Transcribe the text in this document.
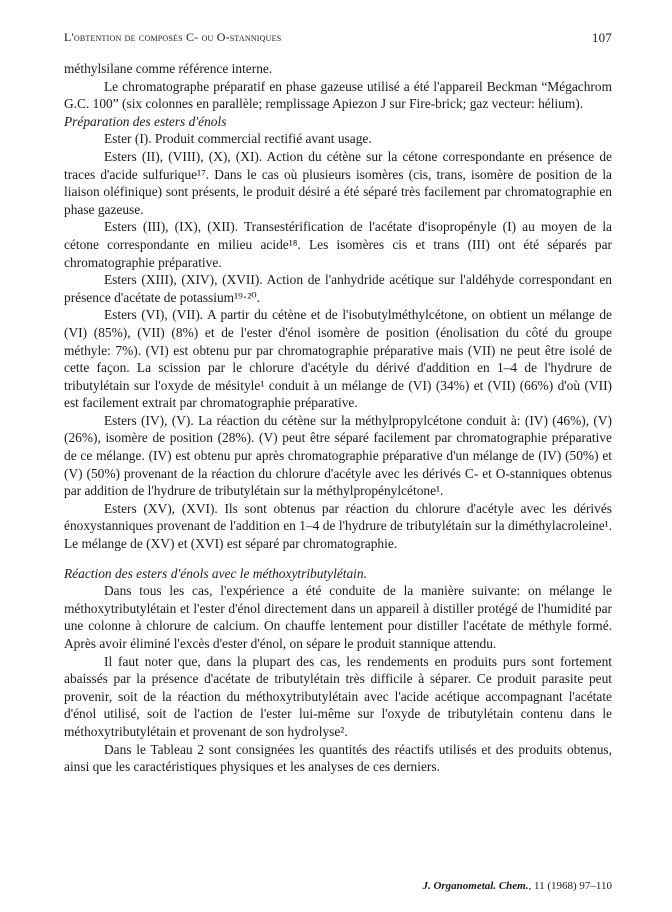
L'obtention de composés C- ou O-stanniques	107

méthylsilane comme référence interne.

Le chromatographe préparatif en phase gazeuse utilisé a été l'appareil Beckman “Mégachrom G.C. 100” (six colonnes en parallèle; remplissage Apiezon J sur Fire-brick; gaz vecteur: hélium).

Préparation des esters d'énols

Ester (I). Produit commercial rectifié avant usage.

Esters (II), (VIII), (X), (XI). Action du cétène sur la cétone correspondante en présence de traces d'acide sulfurique¹⁷. Dans le cas où plusieurs isomères (cis, trans, isomère de position de la liaison oléfinique) sont présents, le produit désiré a été séparé très facilement par chromatographie en phase gazeuse.

Esters (III), (IX), (XII). Transestérification de l'acétate d'isopropényle (I) au moyen de la cétone correspondante en milieu acide¹⁸. Les isomères cis et trans (III) ont été séparés par chromatographie préparative.

Esters (XIII), (XIV), (XVII). Action de l'anhydride acétique sur l'aldéhyde correspondant en présence d'acétate de potassium¹⁹·²⁰.

Esters (VI), (VII). A partir du cétène et de l'isobutylméthylcétone, on obtient un mélange de (VI) (85%), (VII) (8%) et de l'ester d'énol isomère de position (énolisation du côté du groupe méthyle: 7%). (VI) est obtenu pur par chromatographie préparative mais (VII) ne peut être isolé de cette façon. La scission par le chlorure d'acétyle du dérivé d'addition en 1–4 de l'hydrure de tributylétain sur l'oxyde de mésityle¹ conduit à un mélange de (VI) (34%) et (VII) (66%) d'où (VII) est facilement extrait par chromatographie préparative.

Esters (IV), (V). La réaction du cétène sur la méthylpropylcétone conduit à: (IV) (46%), (V) (26%), isomère de position (28%). (V) peut être séparé facilement par chromatographie préparative de ce mélange. (IV) est obtenu pur après chromatographie préparative d'un mélange de (IV) (50%) et (V) (50%) provenant de la réaction du chlorure d'acétyle avec les dérivés C- et O-stanniques obtenus par addition de l'hydrure de tributylétain sur la méthylpropénylcétone¹.

Esters (XV), (XVI). Ils sont obtenus par réaction du chlorure d'acétyle avec les dérivés énoxystanniques provenant de l'addition en 1–4 de l'hydrure de tributylétain sur la diméthylacroleine¹. Le mélange de (XV) et (XVI) est séparé par chromatographie.

Réaction des esters d'énols avec le méthoxytributylétain.

Dans tous les cas, l'expérience a été conduite de la manière suivante: on mélange le méthoxytributylétain et l'ester d'énol directement dans un appareil à distiller protégé de l'humidité par une colonne à chlorure de calcium. On chauffe lentement pour distiller l'acétate de méthyle formé. Après avoir éliminé l'excès d'ester d'énol, on sépare le produit stannique attendu.

Il faut noter que, dans la plupart des cas, les rendements en produits purs sont fortement abaissés par la présence d'acétate de tributylétain très difficile à séparer. Ce produit parasite peut provenir, soit de la réaction du méthoxytributylétain avec l'acide acétique accompagnant l'acétate d'énol utilisé, soit de l'action de l'ester lui-même sur l'oxyde de tributylétain contenu dans le méthoxytributylétain et provenant de son hydrolyse².

Dans le Tableau 2 sont consignées les quantités des réactifs utilisés et des produits obtenus, ainsi que les caractéristiques physiques et les analyses de ces derniers.

J. Organometal. Chem., 11 (1968) 97–110
